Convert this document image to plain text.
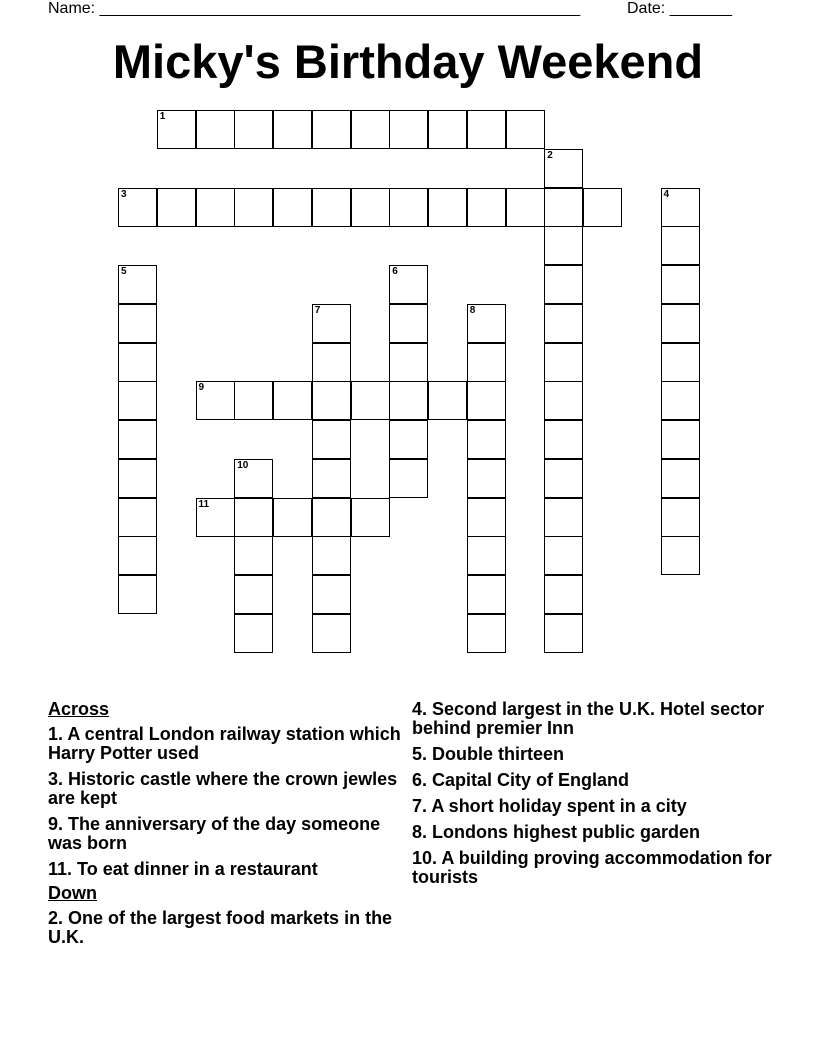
Name: ______________________________________________________	Date: _______
Micky's Birthday Weekend
1
2
3	4
5	6
7	8
9
10
11
Across
1. A central London railway station which Harry Potter used
3. Historic castle where the crown jewles are kept
9. The anniversary of the day someone was born
11. To eat dinner in a restaurant
Down
2. One of the largest food markets in the U.K.
4. Second largest in the U.K. Hotel sector behind premier Inn
5. Double thirteen
6. Capital City of England
7. A short holiday spent in a city
8. Londons highest public garden
10. A building proving accommodation for tourists
